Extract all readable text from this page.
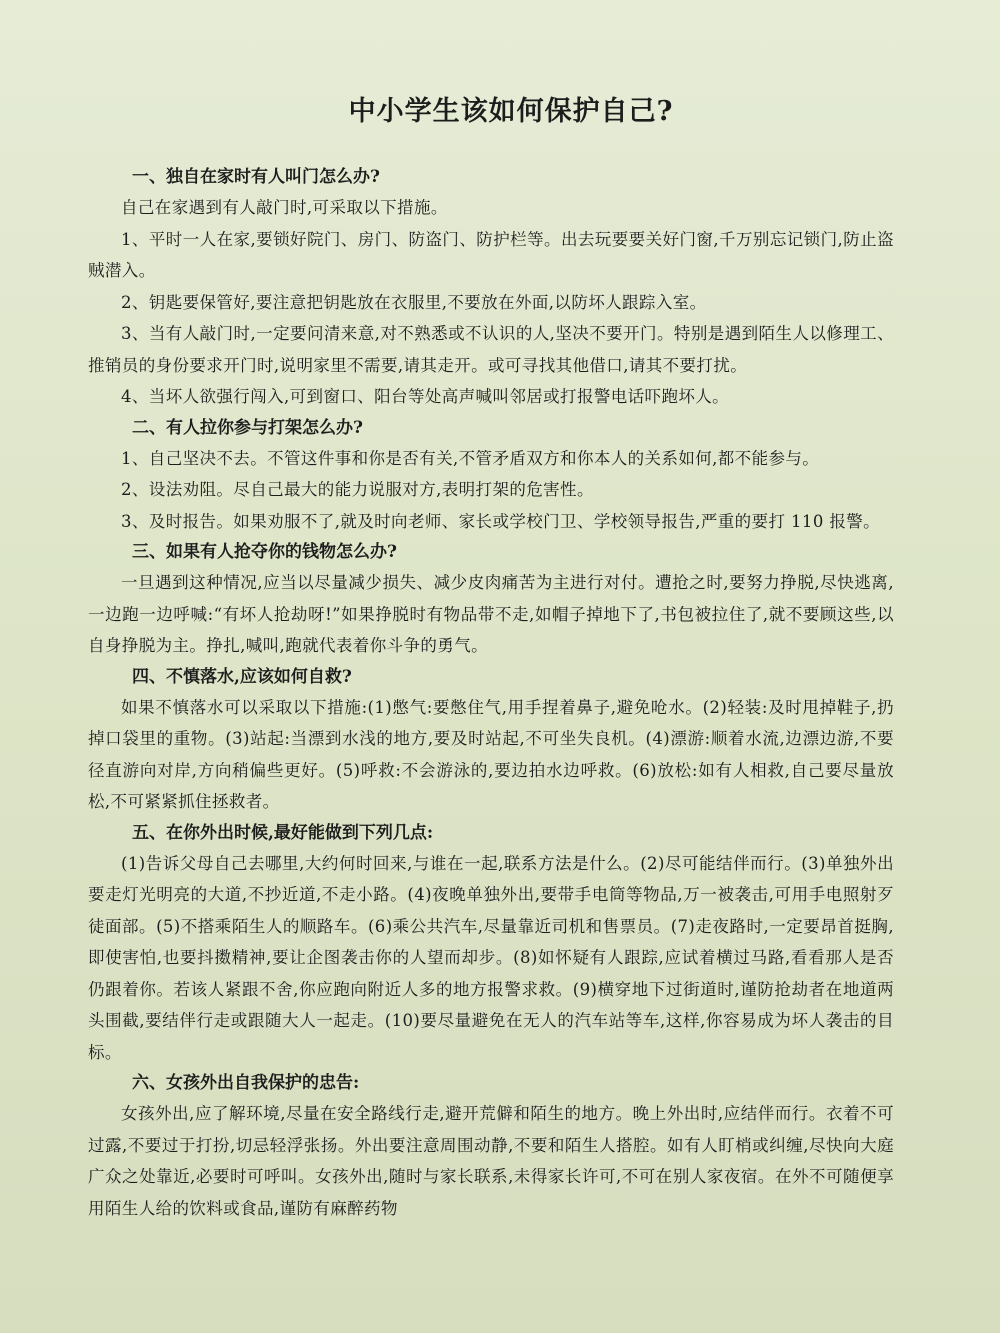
中小学生该如何保护自己?
一、独自在家时有人叫门怎么办?

自己在家遇到有人敲门时,可采取以下措施。

1、平时一人在家,要锁好院门、房门、防盗门、防护栏等。出去玩要要关好门窗,千万别忘记锁门,防止盗贼潜入。

2、钥匙要保管好,要注意把钥匙放在衣服里,不要放在外面,以防坏人跟踪入室。

3、当有人敲门时,一定要问清来意,对不熟悉或不认识的人,坚决不要开门。特别是遇到陌生人以修理工、推销员的身份要求开门时,说明家里不需要,请其走开。或可寻找其他借口,请其不要打扰。

4、当坏人欲强行闯入,可到窗口、阳台等处高声喊叫邻居或打报警电话吓跑坏人。

二、有人拉你参与打架怎么办?

1、自己坚决不去。不管这件事和你是否有关,不管矛盾双方和你本人的关系如何,都不能参与。

2、设法劝阻。尽自己最大的能力说服对方,表明打架的危害性。

3、及时报告。如果劝服不了,就及时向老师、家长或学校门卫、学校领导报告,严重的要打 110 报警。

三、如果有人抢夺你的钱物怎么办?

一旦遇到这种情况,应当以尽量减少损失、减少皮肉痛苦为主进行对付。遭抢之时,要努力挣脱,尽快逃离,一边跑一边呼喊:“有坏人抢劫呀!”如果挣脱时有物品带不走,如帽子掉地下了,书包被拉住了,就不要顾这些,以自身挣脱为主。挣扎,喊叫,跑就代表着你斗争的勇气。

四、不慎落水,应该如何自救?

如果不慎落水可以采取以下措施:(1)憋气:要憋住气,用手捏着鼻子,避免呛水。(2)轻装:及时甩掉鞋子,扔掉口袋里的重物。(3)站起:当漂到水浅的地方,要及时站起,不可坐失良机。(4)漂游:顺着水流,边漂边游,不要径直游向对岸,方向稍偏些更好。(5)呼救:不会游泳的,要边拍水边呼救。(6)放松:如有人相救,自己要尽量放松,不可紧紧抓住拯救者。

五、在你外出时候,最好能做到下列几点:

(1)告诉父母自己去哪里,大约何时回来,与谁在一起,联系方法是什么。(2)尽可能结伴而行。(3)单独外出要走灯光明亮的大道,不抄近道,不走小路。(4)夜晚单独外出,要带手电筒等物品,万一被袭击,可用手电照射歹徒面部。(5)不搭乘陌生人的顺路车。(6)乘公共汽车,尽量靠近司机和售票员。(7)走夜路时,一定要昂首挺胸,即使害怕,也要抖擞精神,要让企图袭击你的人望而却步。(8)如怀疑有人跟踪,应试着横过马路,看看那人是否仍跟着你。若该人紧跟不舍,你应跑向附近人多的地方报警求救。(9)横穿地下过街道时,谨防抢劫者在地道两头围截,要结伴行走或跟随大人一起走。(10)要尽量避免在无人的汽车站等车,这样,你容易成为坏人袭击的目标。

六、女孩外出自我保护的忠告:

女孩外出,应了解环境,尽量在安全路线行走,避开荒僻和陌生的地方。晚上外出时,应结伴而行。衣着不可过露,不要过于打扮,切忌轻浮张扬。外出要注意周围动静,不要和陌生人搭腔。如有人盯梢或纠缠,尽快向大庭广众之处靠近,必要时可呼叫。女孩外出,随时与家长联系,未得家长许可,不可在别人家夜宿。在外不可随便享用陌生人给的饮料或食品,谨防有麻醉药物
